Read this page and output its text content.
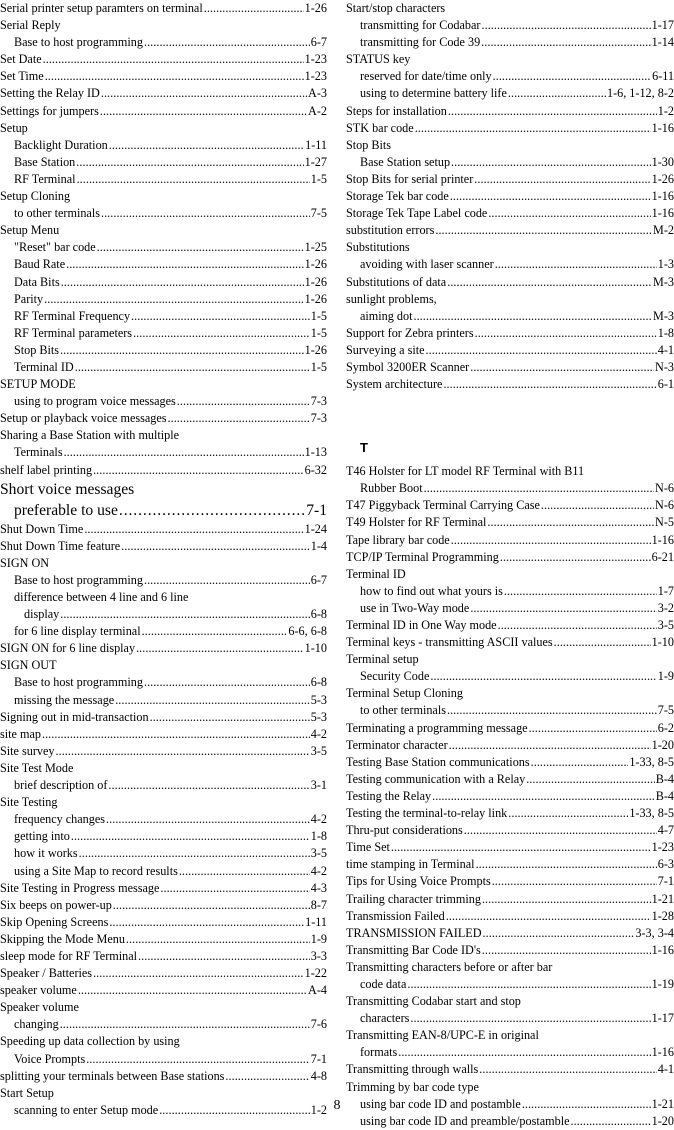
Serial printer setup paramters on terminal . . .	1-26
Serial Reply
Base to host programming . . .	6-7
Set Date . . .	1-23
Set Time . . .	1-23
Setting the Relay ID . . .	A-3
Settings for jumpers . . .	A-2
Setup
Backlight Duration . . .	1-11
Base Station . . .	1-27
RF Terminal . . .	1-5
Setup Cloning
to other terminals . . .	7-5
Setup Menu
"Reset" bar code . . .	1-25
Baud Rate . . .	1-26
Data Bits . . .	1-26
Parity . . .	1-26
RF Terminal Frequency . . .	1-5
RF Terminal parameters . . .	1-5
Stop Bits . . .	1-26
Terminal ID . . .	1-5
SETUP MODE
using to program voice messages . . .	7-3
Setup or playback voice messages . . .	7-3
Sharing a Base Station with multiple
Terminals . . .	1-13
shelf label printing . . .	6-32
Short voice messages
preferable to use . . .	7-1
Shut Down Time . . .	1-24
Shut Down Time feature . . .	1-4
SIGN ON
Base to host programming . . .	6-7
difference between 4 line and 6 line
display . . .	6-8
for 6 line display terminal . . .	6-6, 6-8
SIGN ON for 6 line display . . .	1-10
SIGN OUT
Base to host programming . . .	6-8
missing the message . . .	5-3
Signing out in mid-transaction . . .	5-3
site map . . .	4-2
Site survey . . .	3-5
Site Test Mode
brief description of . . .	3-1
Site Testing
frequency changes . . .	4-2
getting into . . .	1-8
how it works . . .	3-5
using a Site Map to record results . . .	4-2
Site Testing in Progress message . . .	4-3
Six beeps on power-up . . .	8-7
Skip Opening Screens . . .	1-11
Skipping the Mode Menu . . .	1-9
sleep mode for RF Terminal . . .	3-3
Speaker / Batteries . . .	1-22
speaker volume . . .	A-4
Speaker volume
changing . . .	7-6
Speeding up data collection by using
Voice Prompts . . .	7-1
splitting your terminals between Base stations . . .	4-8
Start Setup
scanning to enter Setup mode . . .	1-2
Start/stop characters
transmitting for Codabar . . .	1-17
transmitting for Code 39 . . .	1-14
STATUS key
reserved for date/time only . . .	6-11
using to determine battery life . . .	1-6, 1-12, 8-2
Steps for installation . . .	1-2
STK bar code . . .	1-16
Stop Bits
Base Station setup . . .	1-30
Stop Bits for serial printer . . .	1-26
Storage Tek bar code . . .	1-16
Storage Tek Tape Label code . . .	1-16
substitution errors . . .	M-2
Substitutions
avoiding with laser scanner . . .	1-3
Substitutions of data . . .	M-3
sunlight problems,
aiming dot . . .	M-3
Support for Zebra printers . . .	1-8
Surveying a site . . .	4-1
Symbol 3200ER Scanner . . .	N-3
System architecture . . .	6-1
T
T46 Holster for LT model RF Terminal with B11
Rubber Boot . . .	N-6
T47 Piggyback Terminal Carrying Case . . .	N-6
T49 Holster for RF Terminal . . .	N-5
Tape library bar code . . .	1-16
TCP/IP Terminal Programming . . .	6-21
Terminal ID
how to find out what yours is . . .	1-7
use in Two-Way mode . . .	3-2
Terminal ID in One Way mode . . .	3-5
Terminal keys - transmitting ASCII values . . .	1-10
Terminal setup
Security Code . . .	1-9
Terminal Setup Cloning
to other terminals . . .	7-5
Terminating a programming message . . .	6-2
Terminator character . . .	1-20
Testing Base Station communications . . .	1-33, 8-5
Testing communication with a Relay . . .	B-4
Testing the Relay . . .	B-4
Testing the terminal-to-relay link . . .	1-33, 8-5
Thru-put considerations . . .	4-7
Time Set . . .	1-23
time stamping in Terminal . . .	6-3
Tips for Using Voice Prompts . . .	7-1
Trailing character trimming . . .	1-21
Transmission Failed . . .	1-28
TRANSMISSION FAILED . . .	3-3, 3-4
Transmitting Bar Code ID's . . .	1-16
Transmitting characters before or after bar
code data . . .	1-19
Transmitting Codabar start and stop
characters . . .	1-17
Transmitting EAN-8/UPC-E in original
formats . . .	1-16
Transmitting through walls . . .	4-1
Trimming by bar code type
using bar code ID and postamble . . .	1-21
using bar code ID and preamble/postamble . . .	1-20
8
